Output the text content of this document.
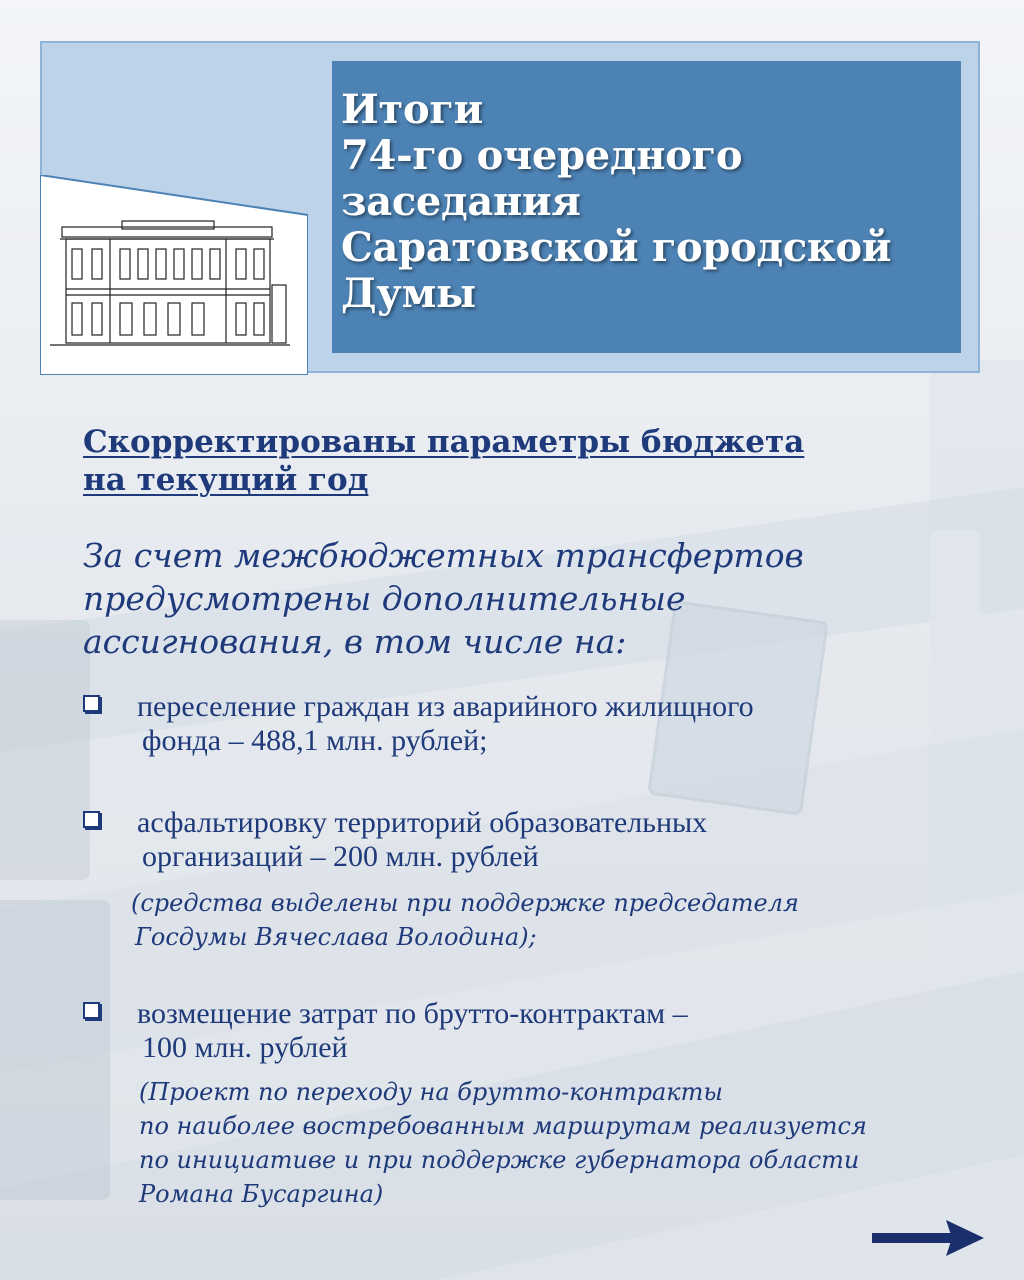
Итоги
74-го очередного
заседания
Саратовской городской
Думы
Скорректированы параметры бюджета
на текущий год

За счет межбюджетных трансфертов
предусмотрены дополнительные
ассигнования, в том числе на:

переселение граждан из аварийного жилищного
фонда – 488,1 млн. рублей;
асфальтировку территорий образовательных
организаций – 200 млн. рублей
(средства выделены при поддержке председателя
Госдумы Вячеслава Володина);
возмещение затрат по брутто-контрактам –
100 млн. рублей
(Проект по переходу на брутто-контракты
по наиболее востребованным маршрутам реализуется
по инициативе и при поддержке губернатора области
Романа Бусаргина)
